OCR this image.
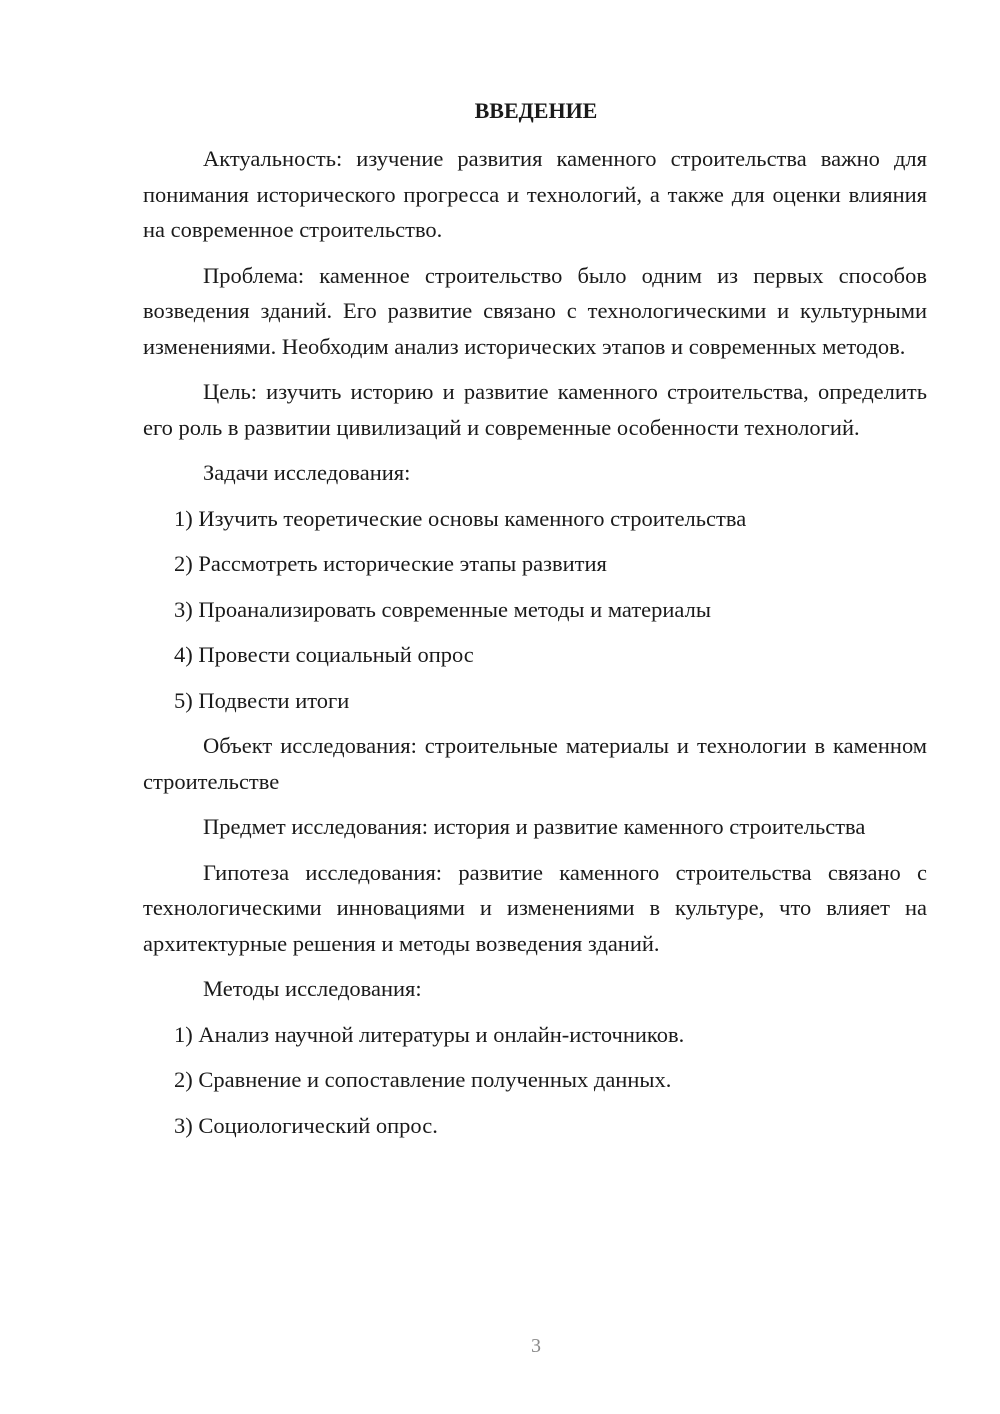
ВВЕДЕНИЕ

Актуальность: изучение развития каменного строительства важно для понимания исторического прогресса и технологий, а также для оценки влияния на современное строительство.

Проблема: каменное строительство было одним из первых способов возведения зданий. Его развитие связано с технологическими и культурными изменениями. Необходим анализ исторических этапов и современных методов.

Цель: изучить историю и развитие каменного строительства, определить его роль в развитии цивилизаций и современные особенности технологий.

Задачи исследования:

1) Изучить теоретические основы каменного строительства

2) Рассмотреть исторические этапы развития

3) Проанализировать современные методы и материалы

4) Провести социальный опрос

5) Подвести итоги

Объект исследования: строительные материалы и технологии в каменном строительстве

Предмет исследования: история и развитие каменного строительства

Гипотеза исследования: развитие каменного строительства связано с технологическими инновациями и изменениями в культуре, что влияет на архитектурные решения и методы возведения зданий.

Методы исследования:

1) Анализ научной литературы и онлайн-источников.

2) Сравнение и сопоставление полученных данных.

3) Социологический опрос.

3
